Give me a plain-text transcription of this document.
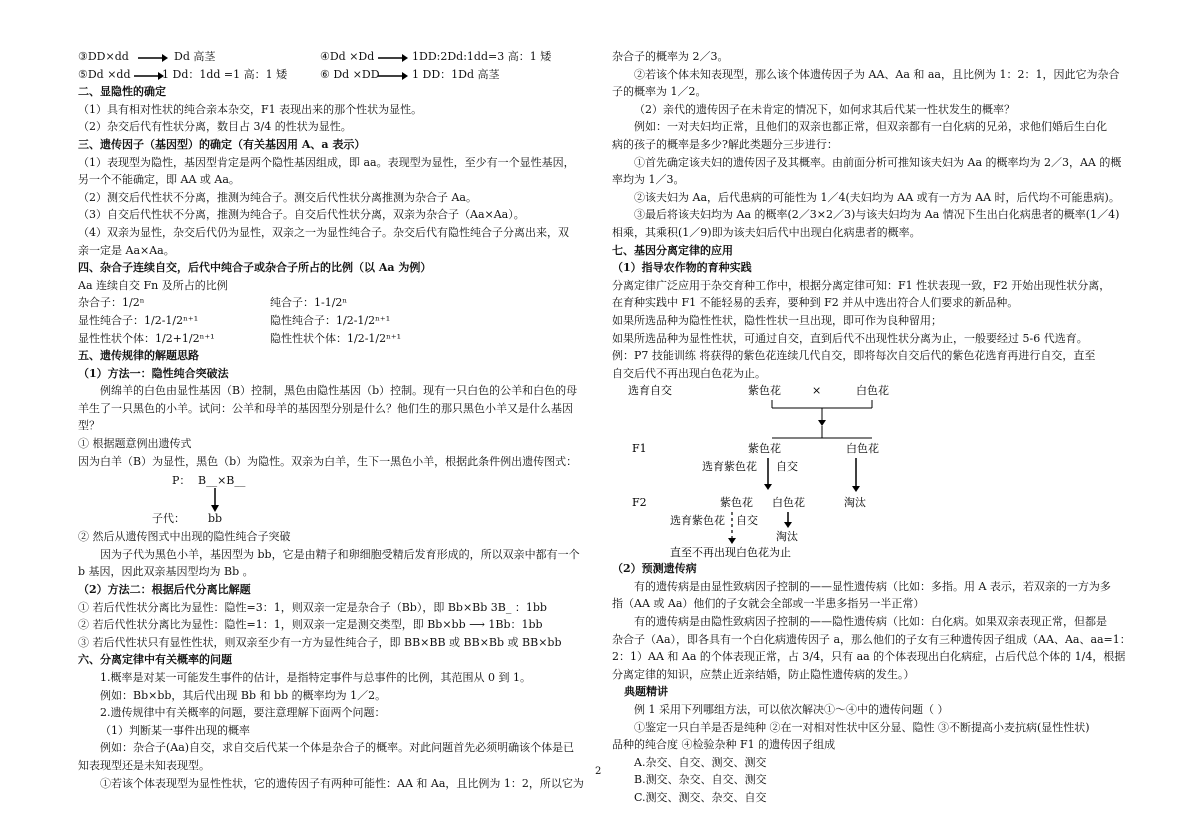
③DD×dd	Dd 高茎	④Dd ×Dd	1DD:2Dd:1dd=3 高：1 矮
⑤Dd ×dd	1 Dd：1dd =1 高：1 矮	⑥ Dd ×DD	1 DD：1Dd 高茎
二、显隐性的确定
（1）具有相对性状的纯合亲本杂交，F1 表现出来的那个性状为显性。
（2）杂交后代有性状分离，数目占 3/4 的性状为显性。
三、遗传因子（基因型）的确定（有关基因用 A、a 表示）
（1）表现型为隐性，基因型肯定是两个隐性基因组成，即 aa。表现型为显性，至少有一个显性基因，
另一个不能确定，即 AA 或 Aa。
（2）测交后代性状不分离，推测为纯合子。测交后代性状分离推测为杂合子 Aa。
（3）自交后代性状不分离，推测为纯合子。自交后代性状分离，双亲为杂合子（Aa×Aa）。
（4）双亲为显性，杂交后代仍为显性，双亲之一为显性纯合子。杂交后代有隐性纯合子分离出来，双
亲一定是 Aa×Aa。
四、杂合子连续自交，后代中纯合子或杂合子所占的比例（以 Aa 为例）
Aa 连续自交 Fn 及所占的比例
杂合子：1/2ⁿ	纯合子：1-1/2ⁿ
显性纯合子：1/2-1/2ⁿ⁺¹	隐性纯合子：1/2-1/2ⁿ⁺¹
显性性状个体：1/2+1/2ⁿ⁺¹	隐性性状个体：1/2-1/2ⁿ⁺¹
五、遗传规律的解题思路
（1）方法一：隐性纯合突破法
例绵羊的白色由显性基因（B）控制，黑色由隐性基因（b）控制。现有一只白色的公羊和白色的母
羊生了一只黑色的小羊。试问：公羊和母羊的基因型分别是什么？他们生的那只黑色小羊又是什么基因
型？
① 根据题意例出遗传式
因为白羊（B）为显性，黑色（b）为隐性。双亲为白羊，生下一黑色小羊，根据此条件例出遗传图式：
P： B__×B__
子代： bb
② 然后从遗传图式中出现的隐性纯合子突破
因为子代为黑色小羊，基因型为 bb，它是由精子和卵细胞受精后发育形成的，所以双亲中都有一个
b 基因，因此双亲基因型均为 Bb 。
（2）方法二：根据后代分离比解题
① 若后代性状分离比为显性：隐性=3：1，则双亲一定是杂合子（Bb），即 Bb×Bb 3B_ ：1bb
② 若后代性状分离比为显性：隐性=1：1，则双亲一定是测交类型，即 Bb×bb ⟶ 1Bb：1bb
③ 若后代性状只有显性性状，则双亲至少有一方为显性纯合子，即 BB×BB 或 BB×Bb 或 BB×bb
六、分离定律中有关概率的问题
1.概率是对某一可能发生事件的估计，是指特定事件与总事件的比例，其范围从 0 到 1。
例如：Bb×bb，其后代出现 Bb 和 bb 的概率均为 1／2。
2.遗传规律中有关概率的问题，要注意理解下面两个问题：
（1）判断某一事件出现的概率
例如：杂合子(Aa)自交，求自交后代某一个体是杂合子的概率。对此问题首先必须明确该个体是已
知表现型还是未知表现型。
①若该个体表现型为显性性状，它的遗传因子有两种可能性：AA 和 Aa，且比例为 1：2，所以它为
杂合子的概率为 2／3。
②若该个体未知表现型，那么该个体遗传因子为 AA、Aa 和 aa，且比例为 1：2：1，因此它为杂合
子的概率为 1／2。
（2）亲代的遗传因子在未肯定的情况下，如何求其后代某一性状发生的概率？
例如：一对夫妇均正常，且他们的双亲也都正常，但双亲都有一白化病的兄弟，求他们婚后生白化
病的孩子的概率是多少?解此类题分三步进行：
①首先确定该夫妇的遗传因子及其概率。由前面分析可推知该夫妇为 Aa 的概率均为 2／3，AA 的概
率均为 1／3。
②该夫妇为 Aa，后代患病的可能性为 1／4(夫妇均为 AA 或有一方为 AA 时，后代均不可能患病)。
③最后将该夫妇均为 Aa 的概率(2／3×2／3)与该夫妇均为 Aa 情况下生出白化病患者的概率(1／4)
相乘，其乘积(1／9)即为该夫妇后代中出现白化病患者的概率。
七、基因分离定律的应用
（1）指导农作物的育种实践
分离定律广泛应用于杂交育种工作中，根据分离定律可知：F1 性状表现一致，F2 开始出现性状分离，
在育种实践中 F1 不能轻易的丢弃，要种到 F2 并从中选出符合人们要求的新品种。
如果所选品种为隐性性状，隐性性状一旦出现，即可作为良种留用；
如果所选品种为显性性状，可通过自交，直到后代不出现性状分离为止，一般要经过 5-6 代选育。
例：P7 技能训练 将获得的紫色花连续几代自交，即将每次自交后代的紫色花选育再进行自交，直至
自交后代不再出现白色花为止。
选育自交	紫色花	×	白色花
F1	紫色花	白色花
选育紫色花 自交
淘汰
F2	紫色花 白色花
选育紫色花 自交
淘汰
直至不再出现白色花为止
（2）预测遗传病
有的遗传病是由显性致病因子控制的——显性遗传病（比如：多指。用 A 表示，若双亲的一方为多
指（AA 或 Aa）他们的子女就会全部或一半患多指另一半正常）
有的遗传病是由隐性致病因子控制的——隐性遗传病（比如：白化病。如果双亲表现正常，但都是
杂合子（Aa），即各具有一个白化病遗传因子 a，那么他们的子女有三种遗传因子组成（AA、Aa、aa=1：
2：1）AA 和 Aa 的个体表现正常，占 3/4，只有 aa 的个体表现出白化病症，占后代总个体的 1/4，根据
分离定律的知识，应禁止近亲结婚，防止隐性遗传病的发生。）
典题精讲
例 1 采用下列哪组方法，可以依次解决①～④中的遗传问题（ ）
①鉴定一只白羊是否是纯种 ②在一对相对性状中区分显、隐性 ③不断提高小麦抗病(显性性状)
品种的纯合度 ④检验杂种 F1 的遗传因子组成
A.杂交、自交、测交、测交
B.测交、杂交、自交、测交
C.测交、测交、杂交、自交
2
